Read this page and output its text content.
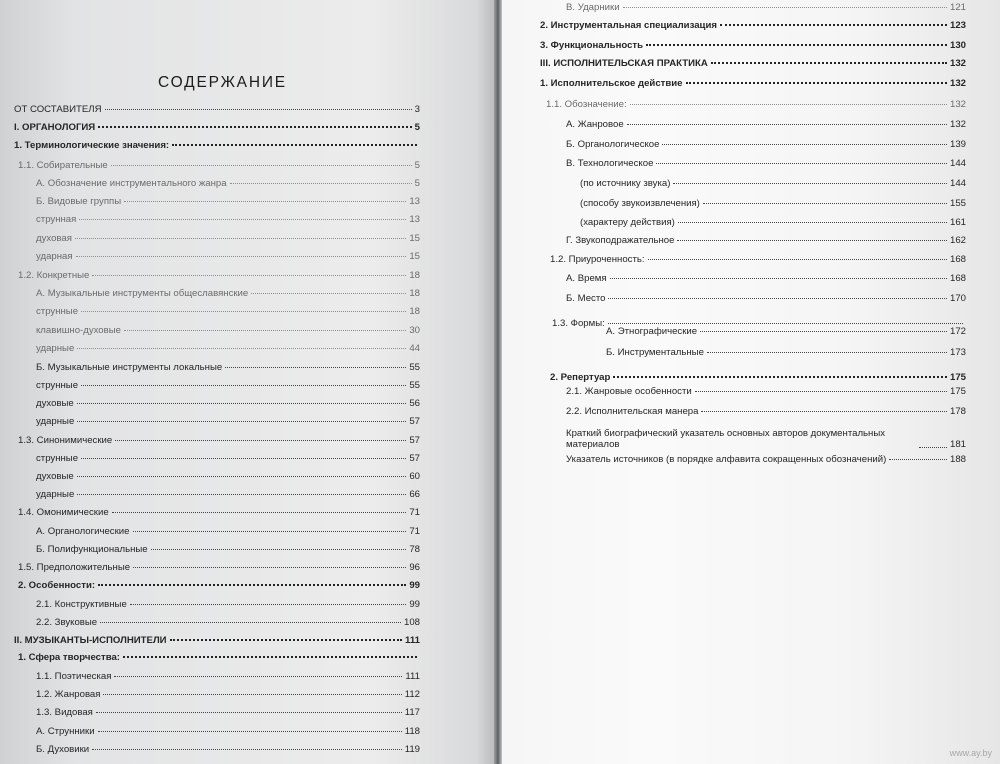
СОДЕРЖАНИЕ
ОТ СОСТАВИТЕЛЯ	3
I. ОРГАНОЛОГИЯ	5
1. Терминологические значения:
1.1. Собирательные	5
А. Обозначение инструментального жанра	5
Б. Видовые группы	13
струнная	13
духовая	15
ударная	15
1.2. Конкретные	18
А. Музыкальные инструменты общеславянские	18
струнные	18
клавишно-духовые	30
ударные	44
Б. Музыкальные инструменты локальные	55
струнные	55
духовые	56
ударные	57
1.3. Синонимические	57
струнные	57
духовые	60
ударные	66
1.4. Омонимические	71
А. Органологические	71
Б. Полифункциональные	78
1.5. Предположительные	96
2. Особенности:	99
2.1. Конструктивные	99
2.2. Звуковые	108
II. МУЗЫКАНТЫ-ИСПОЛНИТЕЛИ	111
1. Сфера творчества:
1.1. Поэтическая	111
1.2. Жанровая	112
1.3. Видовая	117
А. Струнники	118
Б. Духовики	119
В. Ударники	121
2. Инструментальная специализация	123
3. Функциональность	130
III. ИСПОЛНИТЕЛЬСКАЯ ПРАКТИКА	132
1. Исполнительское действие	132
1.1. Обозначение:	132
А. Жанровое	132
Б. Органологическое	139
В. Технологическое	144
(по источнику звука)	144
(способу звукоизвлечения)	155
(характеру действия)	161
Г. Звукоподражательное	162
1.2. Приуроченность:	168
А. Время	168
Б. Место	170
1.3. Формы:
А. Этнографические	172
Б. Инструментальные	173
2. Репертуар	175
2.1. Жанровые особенности	175
2.2. Исполнительская манера	178
Краткий биографический указатель основных авторов документальных материалов	181
Указатель источников (в порядке алфавита сокращенных обозначений)	188
www.ay.by
